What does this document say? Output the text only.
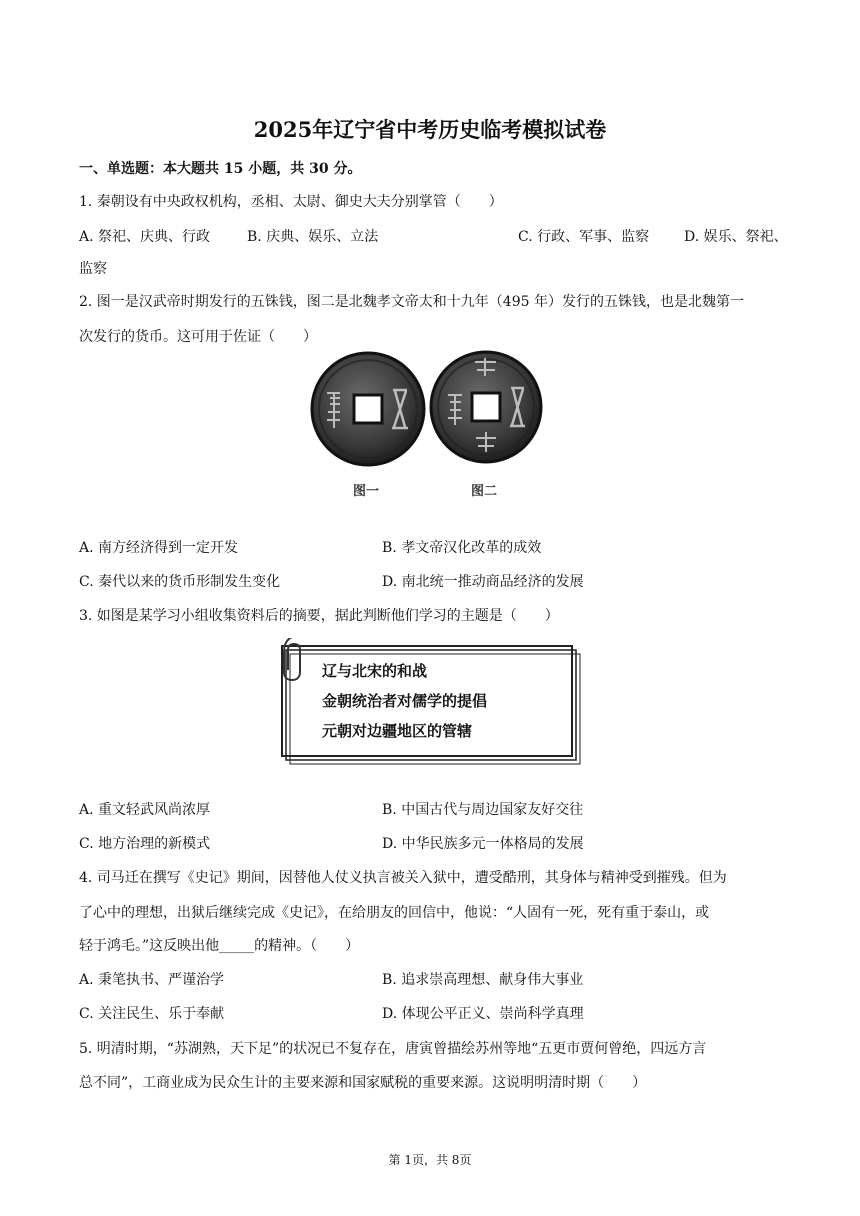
2025年辽宁省中考历史临考模拟试卷
一、单选题：本大题共 15 小题，共 30 分。
1. 秦朝设有中央政权机构，丞相、太尉、御史大夫分别掌管（　　）
A. 祭祀、庆典、行政	B. 庆典、娱乐、立法	C. 行政、军事、监察 D. 娱乐、祭祀、
监察
2. 图一是汉武帝时期发行的五铢钱，图二是北魏孝文帝太和十九年（495 年）发行的五铢钱，也是北魏第一
次发行的货币。这可用于佐证（　　）
图一	图二
A. 南方经济得到一定开发	B. 孝文帝汉化改革的成效
C. 秦代以来的货币形制发生变化	D. 南北统一推动商品经济的发展
3. 如图是某学习小组收集资料后的摘要，据此判断他们学习的主题是（　　）
辽与北宋的和战
金朝统治者对儒学的提倡
元朝对边疆地区的管辖
A. 重文轻武风尚浓厚	B. 中国古代与周边国家友好交往
C. 地方治理的新模式	D. 中华民族多元一体格局的发展
4. 司马迁在撰写《史记》期间，因替他人仗义执言被关入狱中，遭受酷刑，其身体与精神受到摧残。但为
了心中的理想，出狱后继续完成《史记》，在给朋友的回信中，他说：“人固有一死，死有重于泰山，或
轻于鸿毛。”这反映出他_____的精神。（　　）
A. 秉笔执书、严谨治学	B. 追求崇高理想、献身伟大事业
C. 关注民生、乐于奉献	D. 体现公平正义、崇尚科学真理
5. 明清时期，“苏湖熟，天下足”的状况已不复存在，唐寅曾描绘苏州等地“五更市贾何曾绝，四远方言
总不同”，工商业成为民众生计的主要来源和国家赋税的重要来源。这说明明清时期（　　）
第 1页，共 8页
